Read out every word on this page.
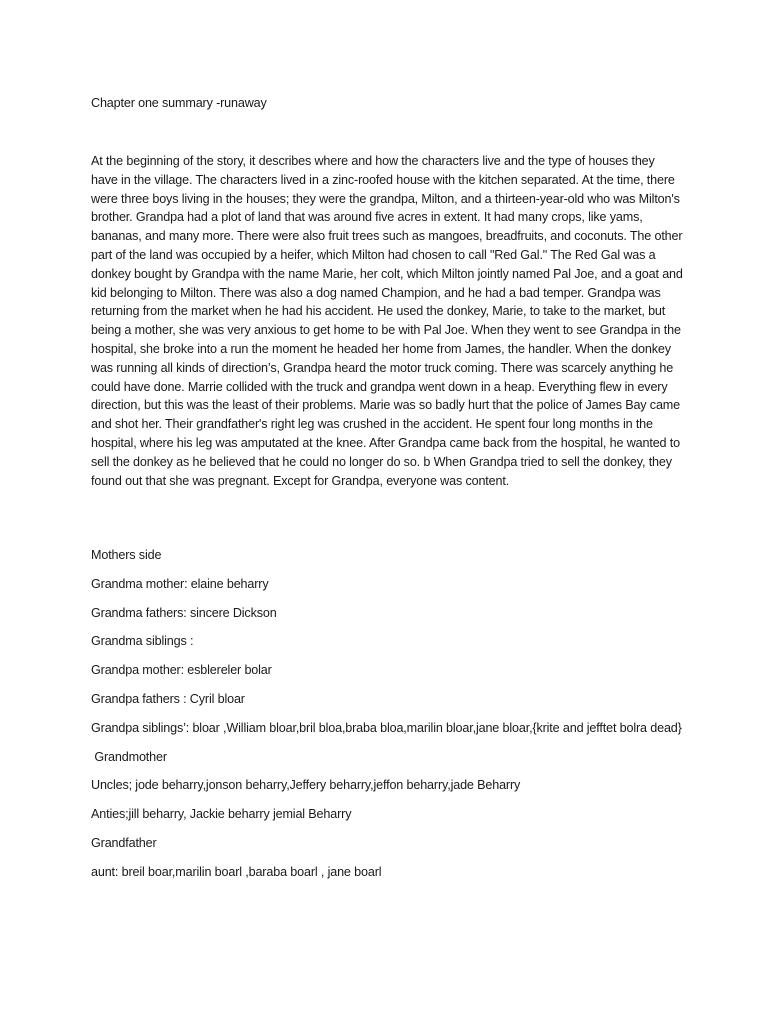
Chapter one summary -runaway

At the beginning of the story, it describes where and how the characters live and the type of houses they have in the village. The characters lived in a zinc-roofed house with the kitchen separated. At the time, there were three boys living in the houses; they were the grandpa, Milton, and a thirteen-year-old who was Milton's brother. Grandpa had a plot of land that was around five acres in extent. It had many crops, like yams, bananas, and many more. There were also fruit trees such as mangoes, breadfruits, and coconuts. The other part of the land was occupied by a heifer, which Milton had chosen to call "Red Gal." The Red Gal was a donkey bought by Grandpa with the name Marie, her colt, which Milton jointly named Pal Joe, and a goat and kid belonging to Milton. There was also a dog named Champion, and he had a bad temper. Grandpa was returning from the market when he had his accident. He used the donkey, Marie, to take to the market, but being a mother, she was very anxious to get home to be with Pal Joe. When they went to see Grandpa in the hospital, she broke into a run the moment he headed her home from James, the handler. When the donkey was running all kinds of direction’s, Grandpa heard the motor truck coming. There was scarcely anything he could have done. Marrie collided with the truck and grandpa went down in a heap. Everything flew in every direction, but this was the least of their problems. Marie was so badly hurt that the police of James Bay came and shot her. Their grandfather's right leg was crushed in the accident. He spent four long months in the hospital, where his leg was amputated at the knee. After Grandpa came back from the hospital, he wanted to sell the donkey as he believed that he could no longer do so. b When Grandpa tried to sell the donkey, they found out that she was pregnant. Except for Grandpa, everyone was content.

Mothers side

Grandma mother: elaine beharry

Grandma fathers: sincere Dickson

Grandma siblings :

Grandpa mother: esblereler bolar

Grandpa fathers : Cyril bloar

Grandpa siblings’: bloar ,William bloar,bril bloa,braba bloa,marilin bloar,jane bloar,{krite and jefftet bolra dead}

Grandmother

Uncles; jode beharry,jonson beharry,Jeffery beharry,jeffon beharry,jade Beharry

Anties;jill beharry, Jackie beharry jemial Beharry

Grandfather

aunt: breil boar,marilin boarl ,baraba boarl , jane boarl
